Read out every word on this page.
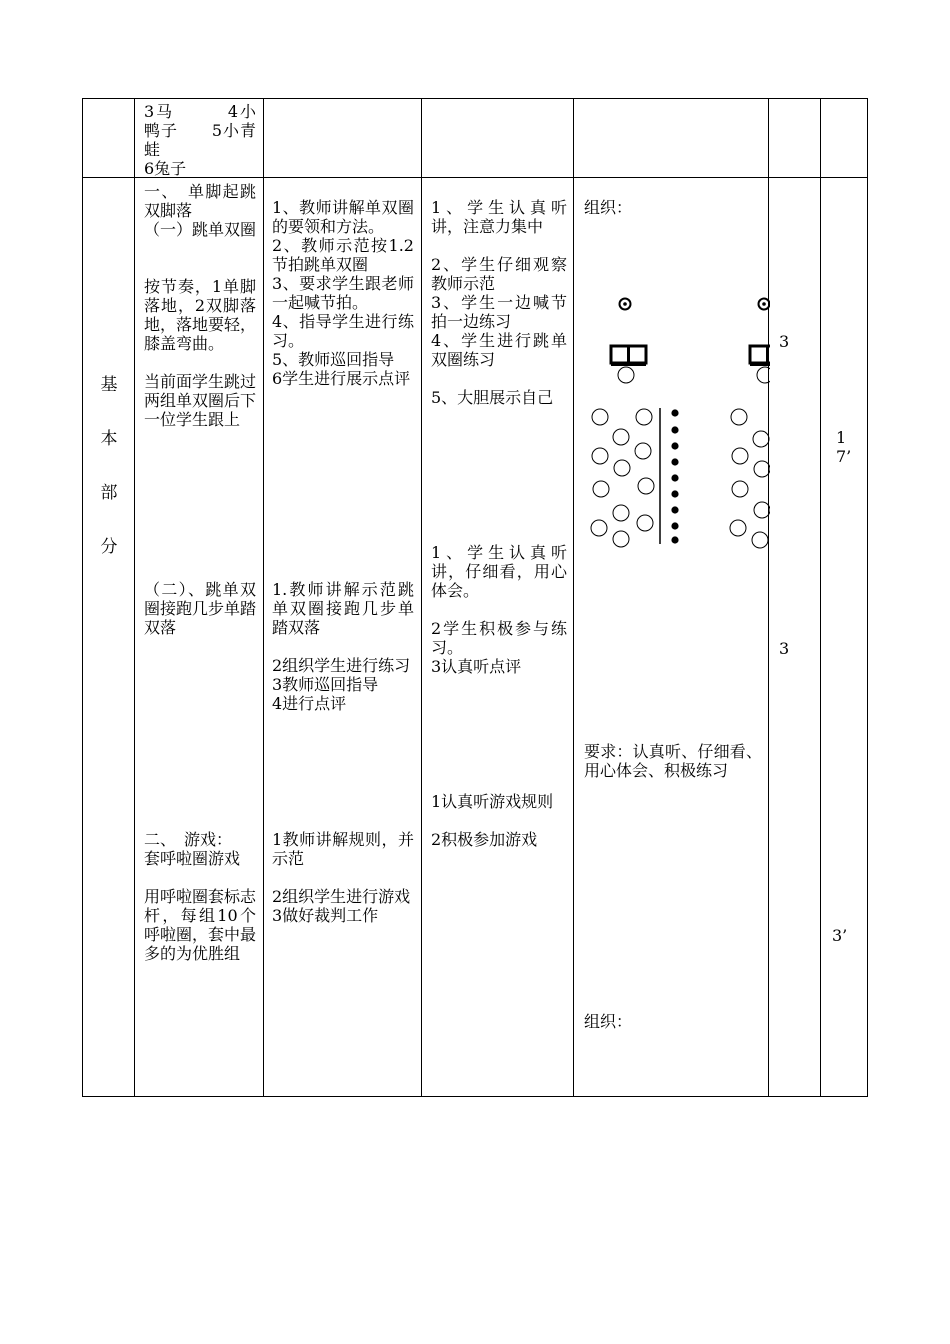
3马　　　4小鸭子　　5小青蛙
6兔子
基
本
部
分
一、　单脚起跳双脚落
（一）跳单双圈
按节奏，1单脚落地，2双脚落地，落地要轻，膝盖弯曲。
当前面学生跳过两组单双圈后下一位学生跟上
（二）、跳单双圈接跑几步单踏双落
二、　游戏：
套呼啦圈游戏
用呼啦圈套标志杆，每组10个呼啦圈，套中最多的为优胜组
1、教师讲解单双圈的要领和方法。
2、教师示范按1.2节拍跳单双圈
3、要求学生跟老师一起喊节拍。
4、指导学生进行练习。
5、教师巡回指导
6学生进行展示点评
1.教师讲解示范跳单双圈接跑几步单踏双落
2组织学生进行练习
3教师巡回指导
4进行点评
1教师讲解规则，并示范
2组织学生进行游戏
3做好裁判工作
1、学生认真听讲，注意力集中
2、学生仔细观察教师示范
3、学生一边喊节拍一边练习
4、学生进行跳单双圈练习
5、大胆展示自己
1、学生认真听讲，仔细看，用心体会。
2学生积极参与练习。
3认真听点评
1认真听游戏规则
2积极参加游戏
组织：
要求：认真听、仔细看、用心体会、积极练习
组织：
3
3
17’
3’
